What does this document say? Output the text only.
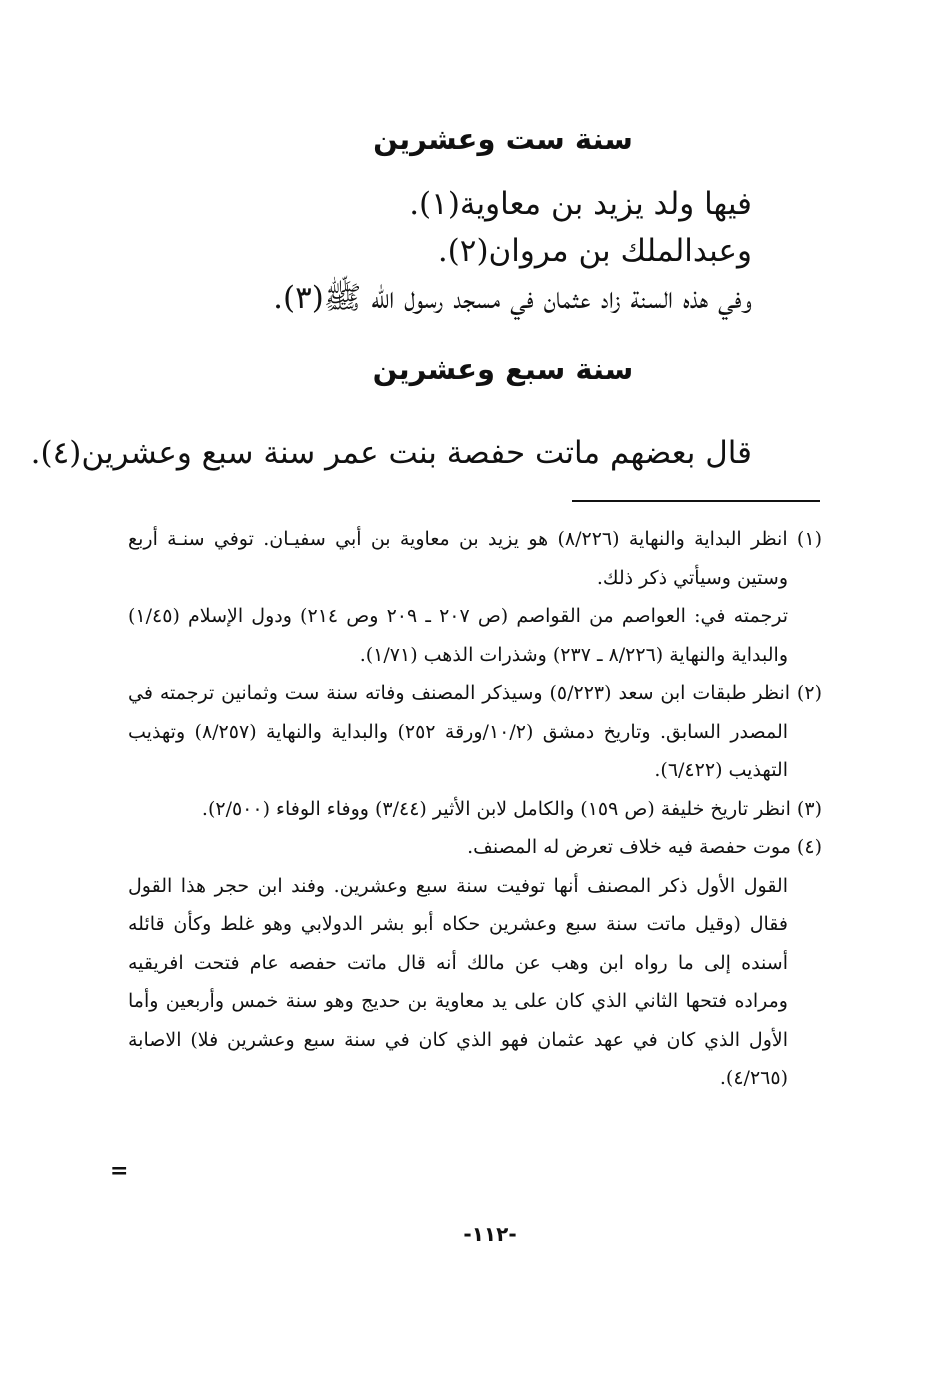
سنة ست وعشرين

فيها ولد يزيد بن معاوية(١).

وعبدالملك بن مروان(٢).

وفي هذه السنة زاد عثمان في مسجد رسول الله ﷺ(٣).

سنة سبع وعشرين

قال بعضهم ماتت حفصة بنت عمر سنة سبع وعشرين(٤).

(١) انظر البداية والنهاية (٨/٢٢٦) هو يزيد بن معاوية بن أبي سفيـان. توفي سنـة أربع وستين وسيأتي ذكر ذلك.
ترجمته في: العواصم من القواصم (ص ٢٠٧ ـ ٢٠٩ وص ٢١٤) ودول الإسلام (١/٤٥) والبداية والنهاية (٨/٢٢٦ ـ ٢٣٧) وشذرات الذهب (١/٧١).
(٢) انظر طبقات ابن سعد (٥/٢٢٣) وسيذكر المصنف وفاته سنة ست وثمانين ترجمته في المصدر السابق. وتاريخ دمشق (١٠/٢/ورقة ٢٥٢) والبداية والنهاية (٨/٢٥٧) وتهذيب التهذيب (٦/٤٢٢).
(٣) انظر تاريخ خليفة (ص ١٥٩) والكامل لابن الأثير (٣/٤٤) ووفاء الوفاء (٢/٥٠٠).
(٤) موت حفصة فيه خلاف تعرض له المصنف.
القول الأول ذكر المصنف أنها توفيت سنة سبع وعشرين. وفند ابن حجر هذا القول فقال (وقيل ماتت سنة سبع وعشرين حكاه أبو بشر الدولابي وهو غلط وكأن قائله أسنده إلى ما رواه ابن وهب عن مالك أنه قال ماتت حفصه عام فتحت افريقيه ومراده فتحها الثاني الذي كان على يد معاوية بن حديج وهو سنة خمس وأربعين وأما الأول الذي كان في عهد عثمان فهو الذي كان في سنة سبع وعشرين فلا) الاصابة (٤/٢٦٥).
=
-١١٢-
